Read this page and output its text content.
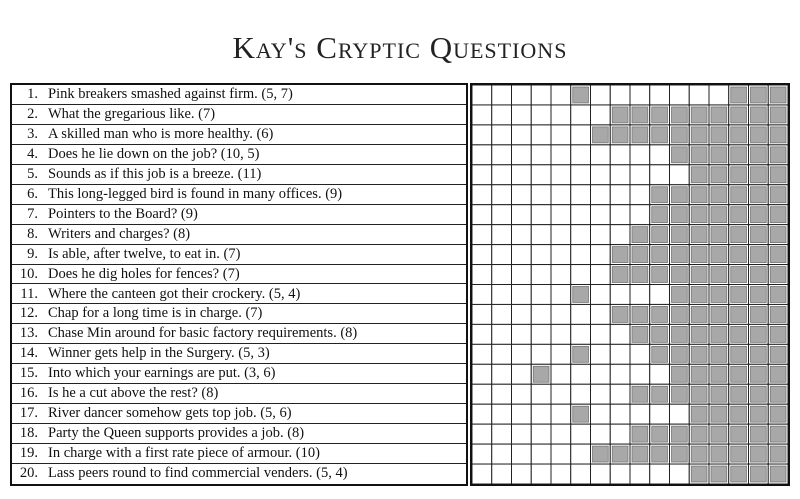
Kay's Cryptic Questions
1. Pink breakers smashed against firm. (5, 7)
2. What the gregarious like. (7)
3. A skilled man who is more healthy. (6)
4. Does he lie down on the job? (10, 5)
5. Sounds as if this job is a breeze. (11)
6. This long-legged bird is found in many offices. (9)
7. Pointers to the Board? (9)
8. Writers and charges? (8)
9. Is able, after twelve, to eat in. (7)
10. Does he dig holes for fences? (7)
11. Where the canteen got their crockery. (5, 4)
12. Chap for a long time is in charge. (7)
13. Chase Min around for basic factory requirements. (8)
14. Winner gets help in the Surgery. (5, 3)
15. Into which your earnings are put. (3, 6)
16. Is he a cut above the rest? (8)
17. River dancer somehow gets top job. (5, 6)
18. Party the Queen supports provides a job. (8)
19. In charge with a first rate piece of armour. (10)
20. Lass peers round to find commercial venders. (5, 4)
